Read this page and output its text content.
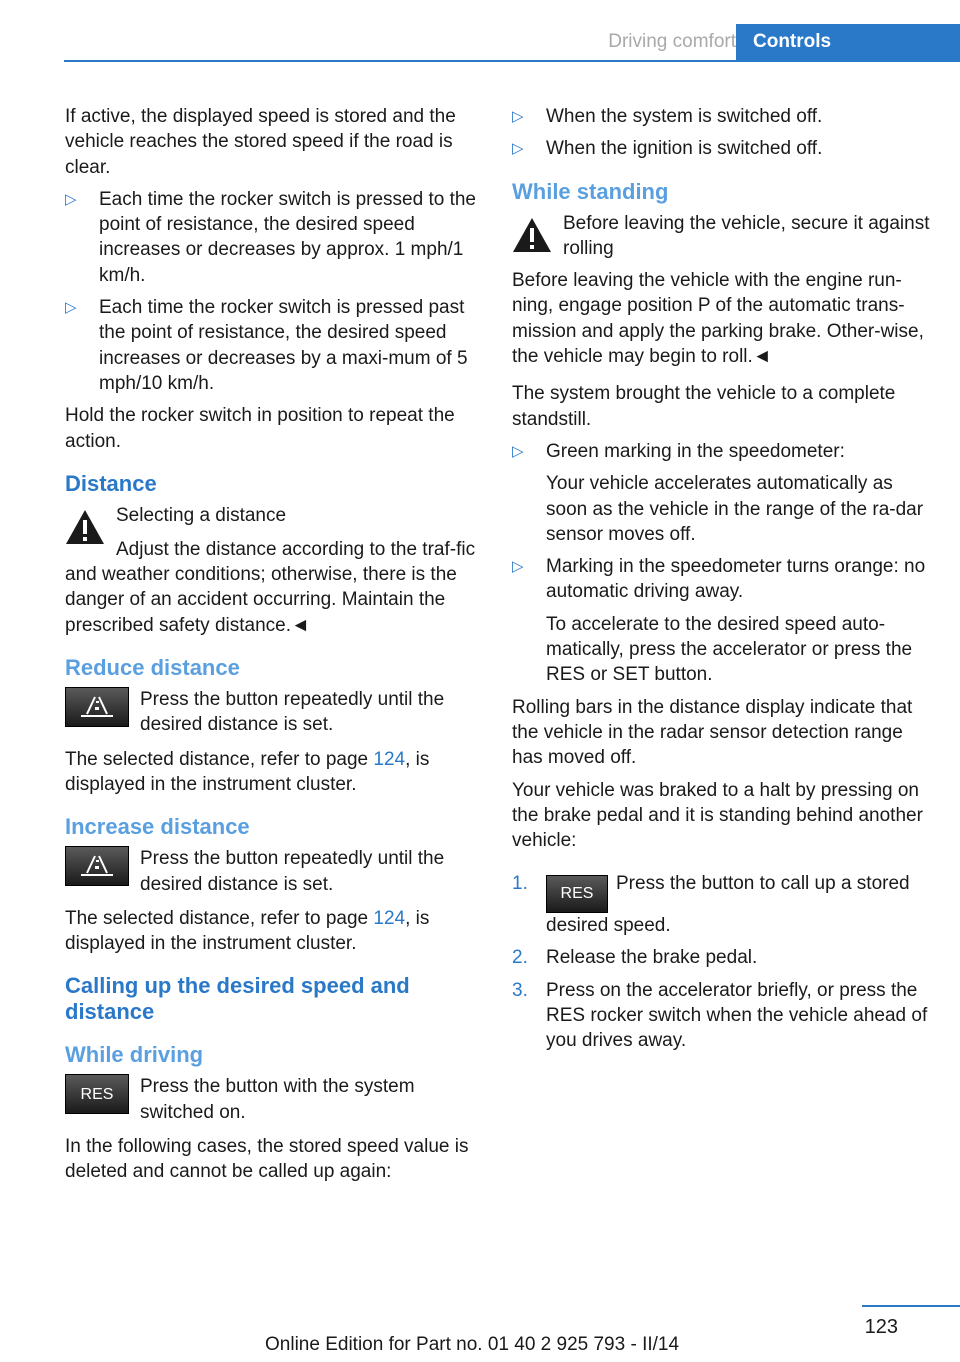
Driving comfort Controls

If active, the displayed speed is stored and the vehicle reaches the stored speed if the road is clear.

▷ Each time the rocker switch is pressed to the point of resistance, the desired speed increases or decreases by approx. 1 mph/1 km/h.
▷ Each time the rocker switch is pressed past the point of resistance, the desired speed increases or decreases by a maxi-mum of 5 mph/10 km/h.

Hold the rocker switch in position to repeat the action.

Distance

Selecting a distance

Adjust the distance according to the traf-fic and weather conditions; otherwise, there is the danger of an accident occurring. Maintain the prescribed safety distance.◄

Reduce distance
Press the button repeatedly until the desired distance is set.

The selected distance, refer to page 124, is displayed in the instrument cluster.

Increase distance
Press the button repeatedly until the desired distance is set.

The selected distance, refer to page 124, is displayed in the instrument cluster.

Calling up the desired speed and distance
While driving
RES	Press the button with the system switched on.

In the following cases, the stored speed value is deleted and cannot be called up again:

▷ When the system is switched off.
▷ When the ignition is switched off.
While standing

Before leaving the vehicle, secure it against rolling

Before leaving the vehicle with the engine run-ning, engage position P of the automatic trans-mission and apply the parking brake. Other-wise, the vehicle may begin to roll.◄

The system brought the vehicle to a complete standstill.

▷ Green marking in the speedometer:

Your vehicle accelerates automatically as soon as the vehicle in the range of the ra-dar sensor moves off.

▷ Marking in the speedometer turns orange: no automatic driving away.

To accelerate to the desired speed auto-matically, press the accelerator or press the RES or SET button.

Rolling bars in the distance display indicate that the vehicle in the radar sensor detection range has moved off.

Your vehicle was braked to a halt by pressing on the brake pedal and it is standing behind another vehicle:

1. RES Press the button to call up a stored desired speed.
2. Release the brake pedal.
3. Press on the accelerator briefly, or press the RES rocker switch when the vehicle ahead of you drives away.
123
Online Edition for Part no. 01 40 2 925 793 - II/14
